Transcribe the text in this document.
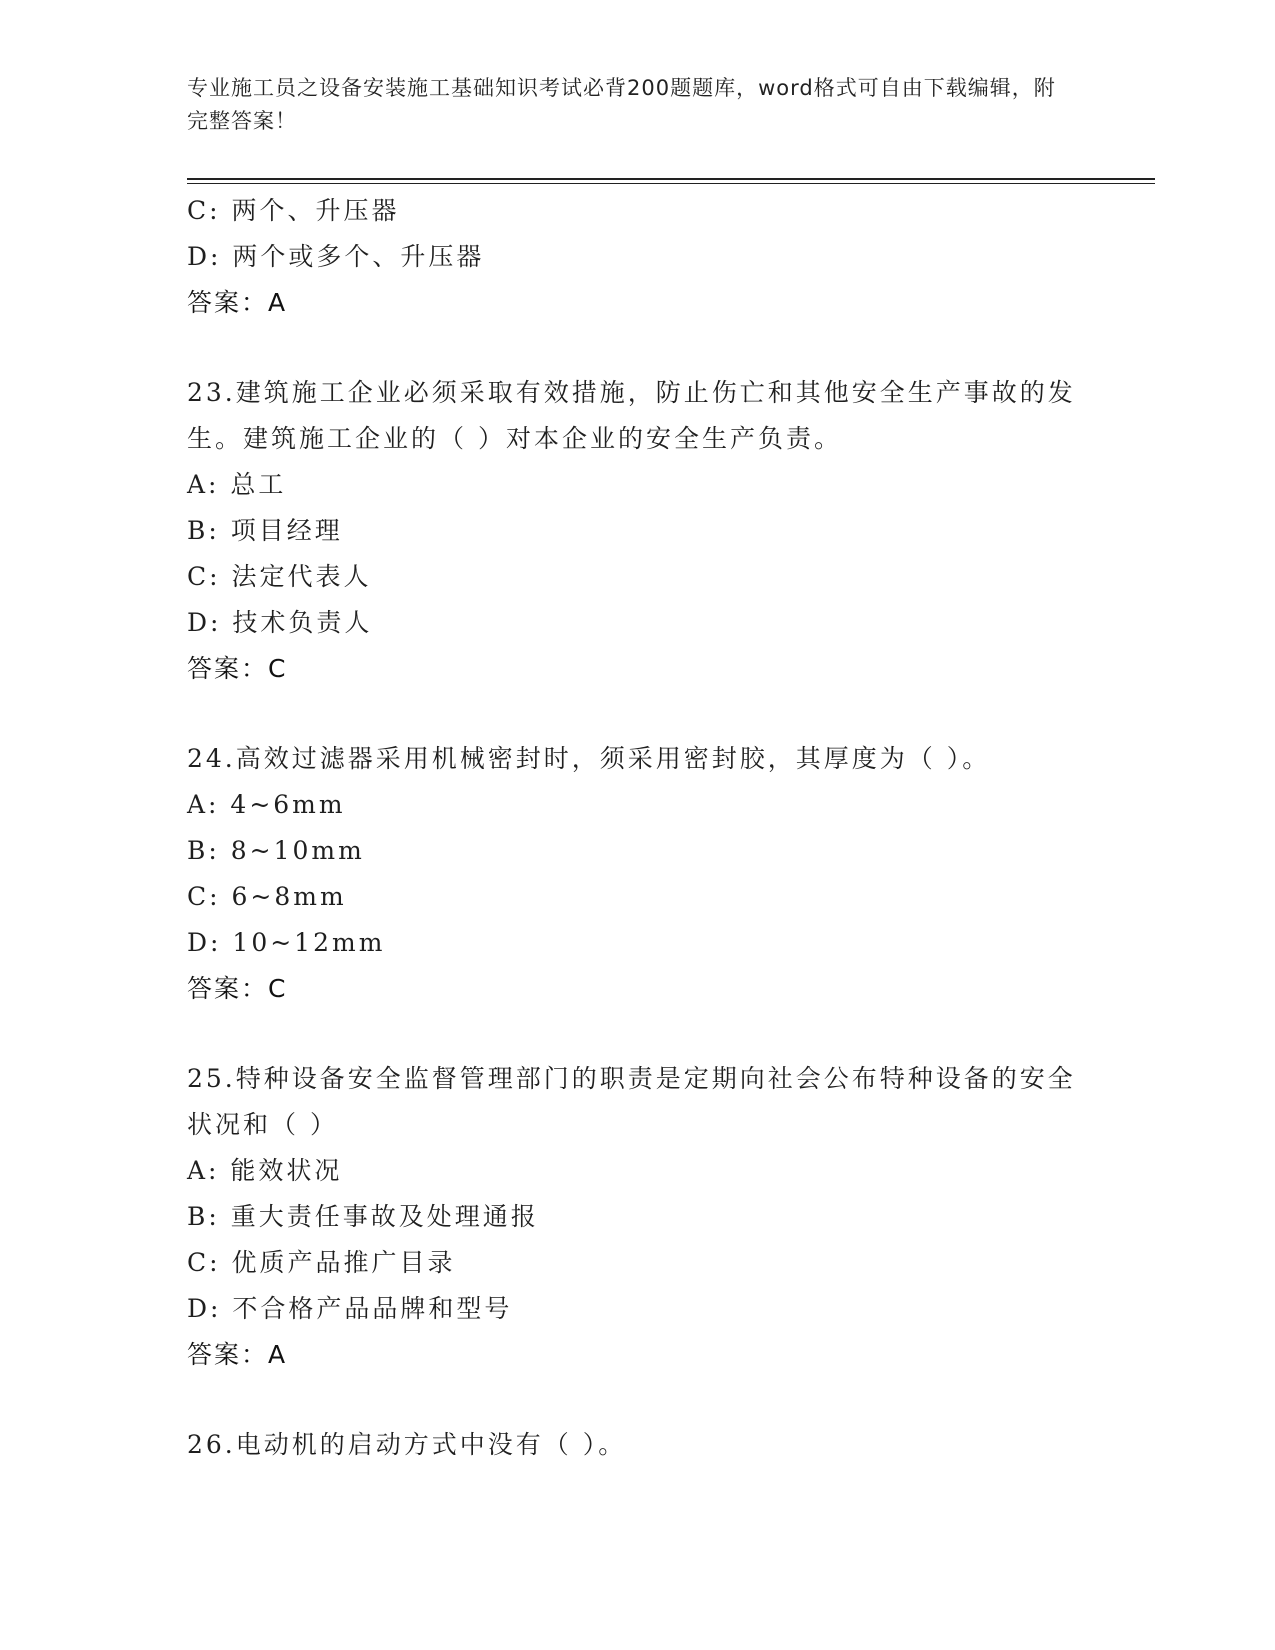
专业施工员之设备安装施工基础知识考试必背200题题库，word格式可自由下载编辑，附完整答案！
C: 两个、升压器
D: 两个或多个、升压器
答案：A
23.建筑施工企业必须采取有效措施，防止伤亡和其他安全生产事故的发生。建筑施工企业的（ ）对本企业的安全生产负责。
A: 总工
B: 项目经理
C: 法定代表人
D: 技术负责人
答案：C
24.高效过滤器采用机械密封时，须采用密封胶，其厚度为（ ）。
A: 4~6mm
B: 8~10mm
C: 6~8mm
D: 10~12mm
答案：C
25.特种设备安全监督管理部门的职责是定期向社会公布特种设备的安全状况和（ ）
A: 能效状况
B: 重大责任事故及处理通报
C: 优质产品推广目录
D: 不合格产品品牌和型号
答案：A
26.电动机的启动方式中没有（ ）。
